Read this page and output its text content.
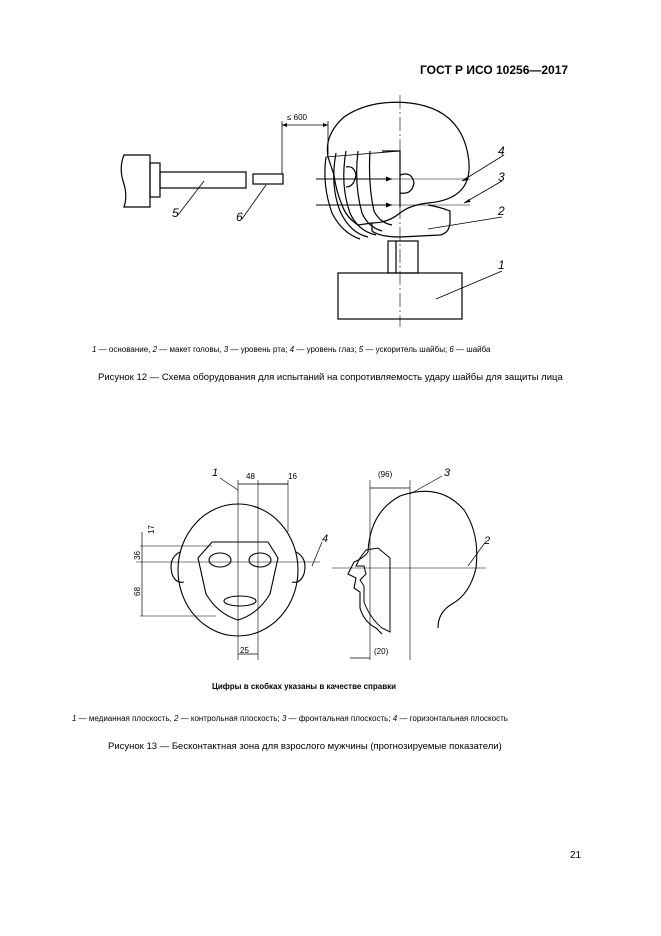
ГОСТ Р ИСО 10256—2017
≤ 600
4
3
2
1
5	6
1 — основание, 2 — макет головы, 3 — уровень рта; 4 — уровень глаз; 5 — ускоритель шайбы; 6 — шайба
Рисунок 12 — Схема оборудования для испытаний на сопротивляемость удару шайбы для защиты лица
48	16
17
36
68
25
(96)
(20)
1	3
4	2
Цифры в скобках указаны в качестве справки
1 — медианная плоскость, 2 — контрольная плоскость; 3 — фронтальная плоскость; 4 — горизонтальная плоскость
Рисунок 13 — Бесконтактная зона для взрослого мужчины (прогнозируемые показатели)
21
